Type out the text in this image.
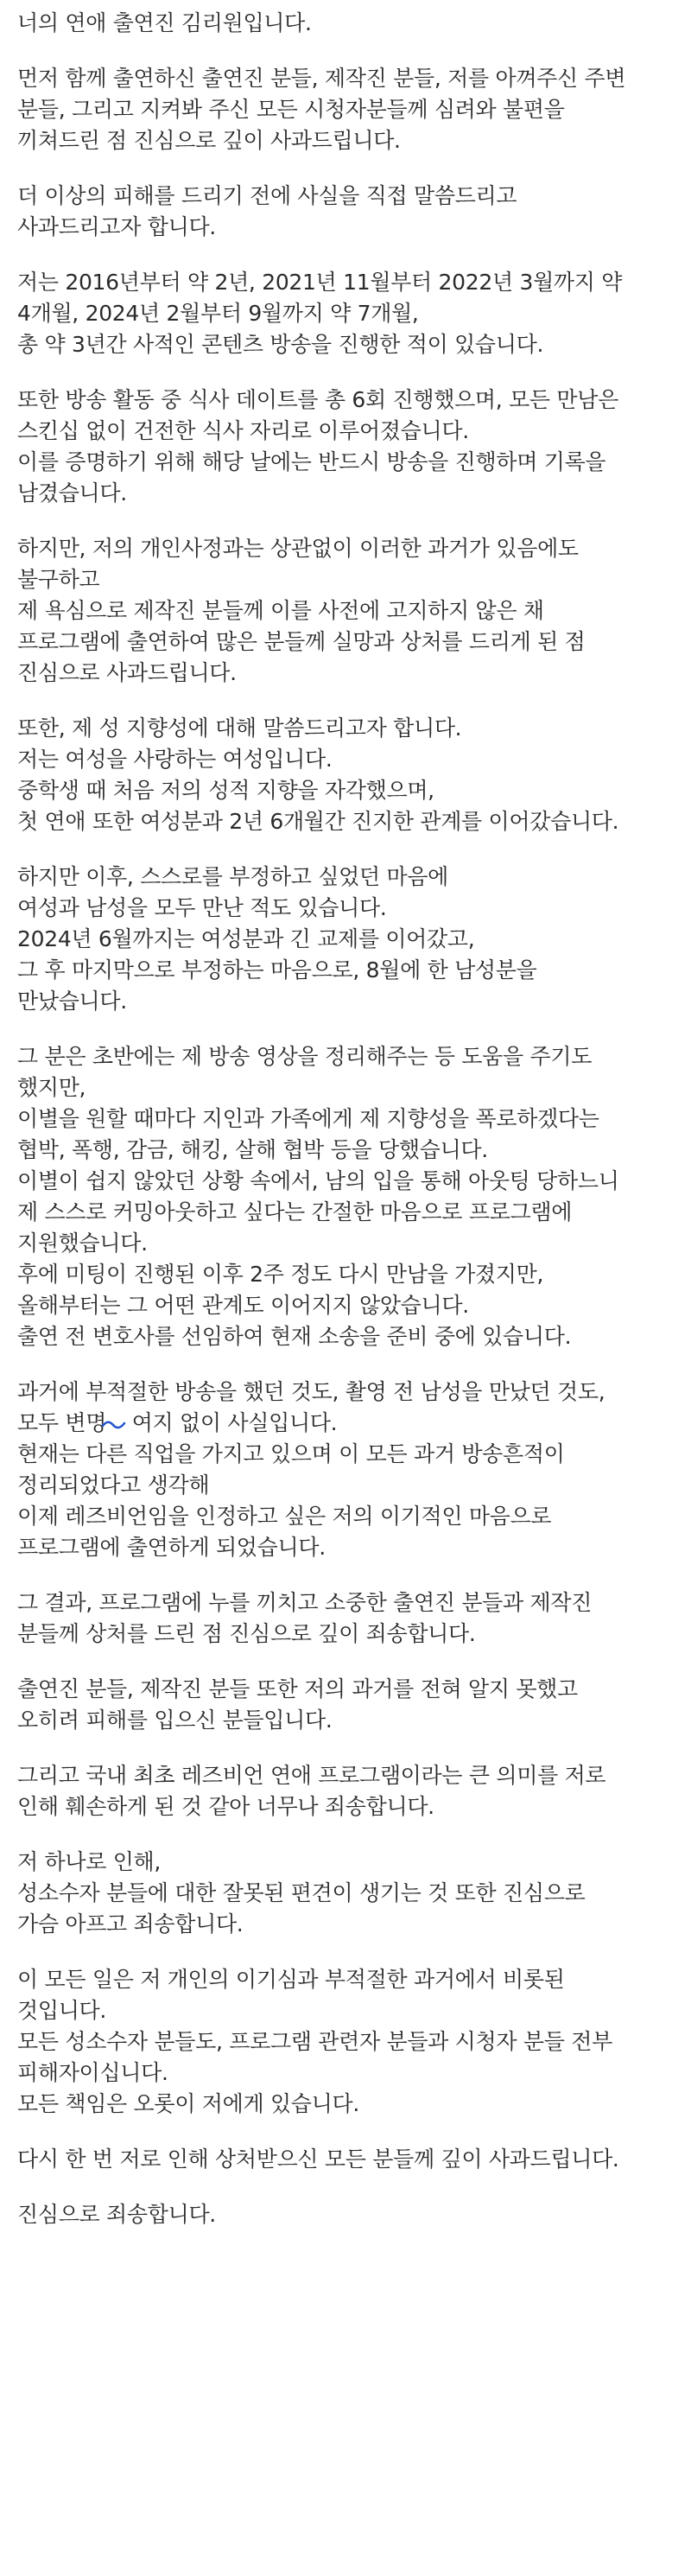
너의 연애 출연진 김리원입니다.
먼저 함께 출연하신 출연진 분들, 제작진 분들, 저를 아껴주신 주변
분들, 그리고 지켜봐 주신 모든 시청자분들께 심려와 불편을
끼쳐드린 점 진심으로 깊이 사과드립니다.
더 이상의 피해를 드리기 전에 사실을 직접 말씀드리고
사과드리고자 합니다.
저는 2016년부터 약 2년, 2021년 11월부터 2022년 3월까지 약
4개월, 2024년 2월부터 9월까지 약 7개월,
총 약 3년간 사적인 콘텐츠 방송을 진행한 적이 있습니다.
또한 방송 활동 중 식사 데이트를 총 6회 진행했으며, 모든 만남은
스킨십 없이 건전한 식사 자리로 이루어졌습니다.
이를 증명하기 위해 해당 날에는 반드시 방송을 진행하며 기록을
남겼습니다.
하지만, 저의 개인사정과는 상관없이 이러한 과거가 있음에도
불구하고
제 욕심으로 제작진 분들께 이를 사전에 고지하지 않은 채
프로그램에 출연하여 많은 분들께 실망과 상처를 드리게 된 점
진심으로 사과드립니다.
또한, 제 성 지향성에 대해 말씀드리고자 합니다.
저는 여성을 사랑하는 여성입니다.
중학생 때 처음 저의 성적 지향을 자각했으며,
첫 연애 또한 여성분과 2년 6개월간 진지한 관계를 이어갔습니다.
하지만 이후, 스스로를 부정하고 싶었던 마음에
여성과 남성을 모두 만난 적도 있습니다.
2024년 6월까지는 여성분과 긴 교제를 이어갔고,
그 후 마지막으로 부정하는 마음으로, 8월에 한 남성분을
만났습니다.
그 분은 초반에는 제 방송 영상을 정리해주는 등 도움을 주기도
했지만,
이별을 원할 때마다 지인과 가족에게 제 지향성을 폭로하겠다는
협박, 폭행, 감금, 해킹, 살해 협박 등을 당했습니다.
이별이 쉽지 않았던 상황 속에서, 남의 입을 통해 아웃팅 당하느니
제 스스로 커밍아웃하고 싶다는 간절한 마음으로 프로그램에
지원했습니다.
후에 미팅이 진행된 이후 2주 정도 다시 만남을 가졌지만,
올해부터는 그 어떤 관계도 이어지지 않았습니다.
출연 전 변호사를 선임하여 현재 소송을 준비 중에 있습니다.
과거에 부적절한 방송을 했던 것도, 촬영 전 남성을 만났던 것도,
모두 변명
여지 없이 사실입니다.
현재는 다른 직업을 가지고 있으며 이 모든 과거 방송흔적이
정리되었다고 생각해
이제 레즈비언임을 인정하고 싶은 저의 이기적인 마음으로
프로그램에 출연하게 되었습니다.
그 결과, 프로그램에 누를 끼치고 소중한 출연진 분들과 제작진
분들께 상처를 드린 점 진심으로 깊이 죄송합니다.
출연진 분들, 제작진 분들 또한 저의 과거를 전혀 알지 못했고
오히려 피해를 입으신 분들입니다.
그리고 국내 최초 레즈비언 연애 프로그램이라는 큰 의미를 저로
인해 훼손하게 된 것 같아 너무나 죄송합니다.
저 하나로 인해,
성소수자 분들에 대한 잘못된 편견이 생기는 것 또한 진심으로
가슴 아프고 죄송합니다.
이 모든 일은 저 개인의 이기심과 부적절한 과거에서 비롯된
것입니다.
모든 성소수자 분들도, 프로그램 관련자 분들과 시청자 분들 전부
피해자이십니다.
모든 책임은 오롯이 저에게 있습니다.
다시 한 번 저로 인해 상처받으신 모든 분들께 깊이 사과드립니다.
진심으로 죄송합니다.
